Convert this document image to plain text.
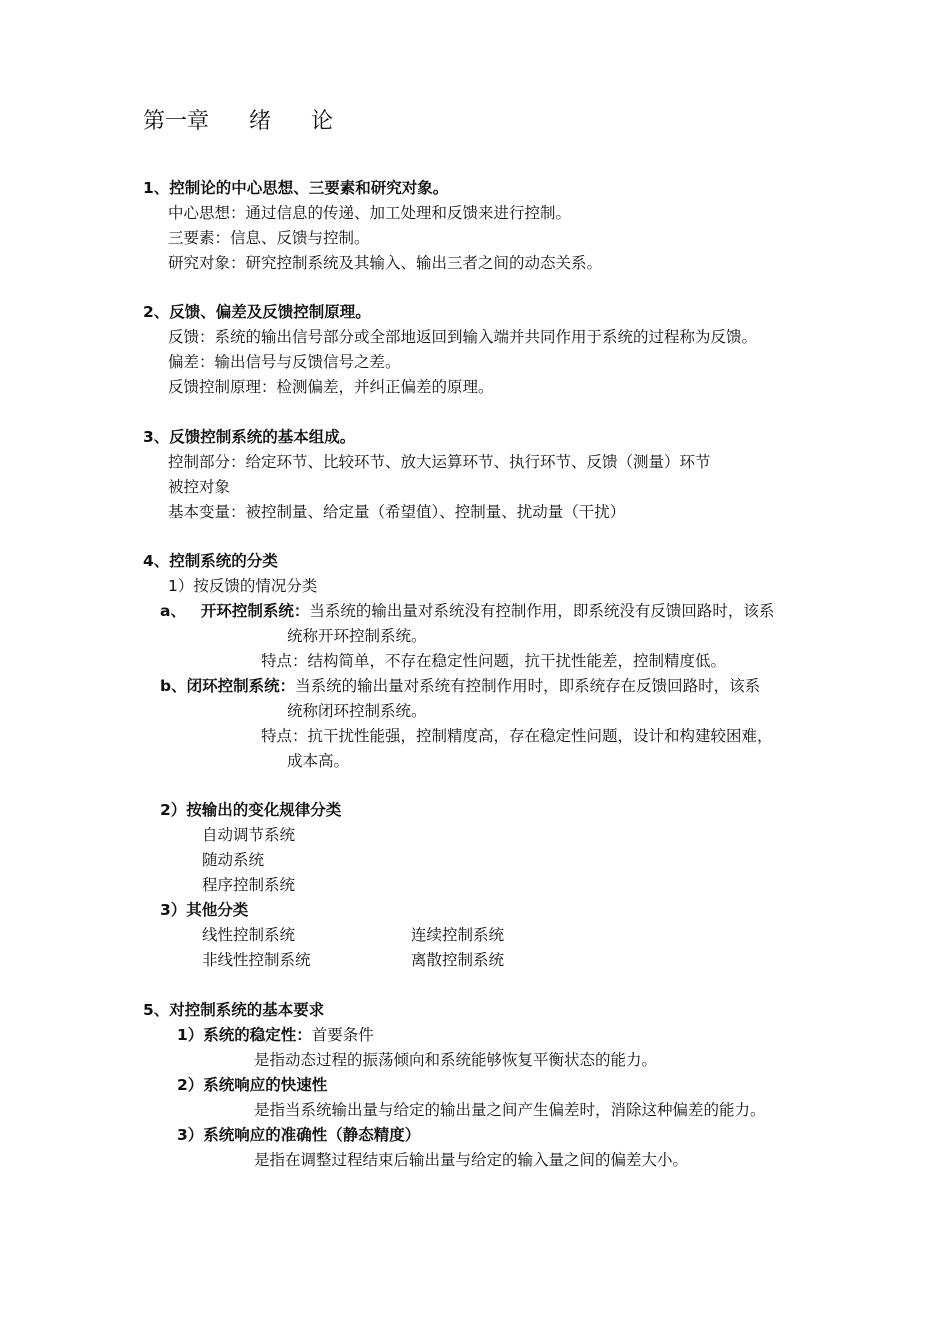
第一章 绪 论
1、控制论的中心思想、三要素和研究对象。
中心思想：通过信息的传递、加工处理和反馈来进行控制。
三要素：信息、反馈与控制。
研究对象：研究控制系统及其输入、输出三者之间的动态关系。
2、反馈、偏差及反馈控制原理。
反馈：系统的输出信号部分或全部地返回到输入端并共同作用于系统的过程称为反馈。
偏差：输出信号与反馈信号之差。
反馈控制原理：检测偏差，并纠正偏差的原理。
3、反馈控制系统的基本组成。
控制部分：给定环节、比较环节、放大运算环节、执行环节、反馈（测量）环节
被控对象
基本变量：被控制量、给定量（希望值）、控制量、扰动量（干扰）
4、控制系统的分类
1）按反馈的情况分类
a、 开环控制系统：当系统的输出量对系统没有控制作用，即系统没有反馈回路时，该系
统称开环控制系统。
特点：结构简单，不存在稳定性问题，抗干扰性能差，控制精度低。
b、闭环控制系统：当系统的输出量对系统有控制作用时，即系统存在反馈回路时，该系
统称闭环控制系统。
特点：抗干扰性能强，控制精度高，存在稳定性问题，设计和构建较困难，
成本高。
2）按输出的变化规律分类
自动调节系统
随动系统
程序控制系统
3）其他分类
线性控制系统	连续控制系统
非线性控制系统	离散控制系统
5、对控制系统的基本要求
1）系统的稳定性：首要条件
是指动态过程的振荡倾向和系统能够恢复平衡状态的能力。
2）系统响应的快速性
是指当系统输出量与给定的输出量之间产生偏差时，消除这种偏差的能力。
3）系统响应的准确性（静态精度）
是指在调整过程结束后输出量与给定的输入量之间的偏差大小。
